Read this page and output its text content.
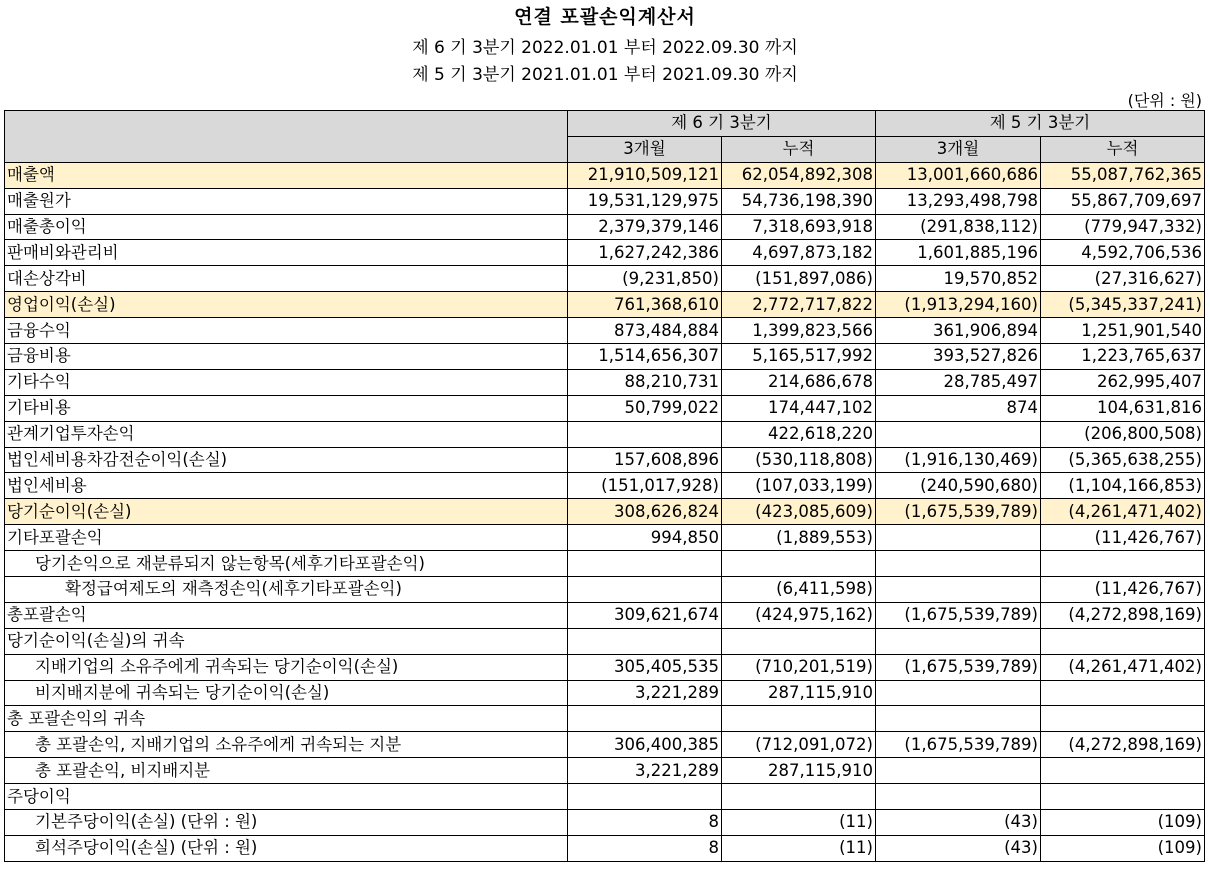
연결 포괄손익계산서
제 6 기 3분기 2022.01.01 부터 2022.09.30 까지
제 5 기 3분기 2021.01.01 부터 2021.09.30 까지
(단위 : 원)
	제 6 기 3분기		제 5 기 3분기	
	3개월	누적	3개월	누적
매출액	21,910,509,121	62,054,892,308	13,001,660,686	55,087,762,365
매출원가	19,531,129,975	54,736,198,390	13,293,498,798	55,867,709,697
매출총이익	2,379,379,146	7,318,693,918	(291,838,112)	(779,947,332)
판매비와관리비	1,627,242,386	4,697,873,182	1,601,885,196	4,592,706,536
대손상각비	(9,231,850)	(151,897,086)	19,570,852	(27,316,627)
영업이익(손실)	761,368,610	2,772,717,822	(1,913,294,160)	(5,345,337,241)
금융수익	873,484,884	1,399,823,566	361,906,894	1,251,901,540
금융비용	1,514,656,307	5,165,517,992	393,527,826	1,223,765,637
기타수익	88,210,731	214,686,678	28,785,497	262,995,407
기타비용	50,799,022	174,447,102	874	104,631,816
관계기업투자손익		422,618,220		(206,800,508)
법인세비용차감전순이익(손실)	157,608,896	(530,118,808)	(1,916,130,469)	(5,365,638,255)
법인세비용	(151,017,928)	(107,033,199)	(240,590,680)	(1,104,166,853)
당기순이익(손실)	308,626,824	(423,085,609)	(1,675,539,789)	(4,261,471,402)
기타포괄손익	994,850	(1,889,553)		(11,426,767)
당기손익으로 재분류되지 않는항목(세후기타포괄손익)				
확정급여제도의 재측정손익(세후기타포괄손익)		(6,411,598)		(11,426,767)
총포괄손익	309,621,674	(424,975,162)	(1,675,539,789)	(4,272,898,169)
당기순이익(손실)의 귀속				
지배기업의 소유주에게 귀속되는 당기순이익(손실)	305,405,535	(710,201,519)	(1,675,539,789)	(4,261,471,402)
비지배지분에 귀속되는 당기순이익(손실)	3,221,289	287,115,910		
총 포괄손익의 귀속				
총 포괄손익, 지배기업의 소유주에게 귀속되는 지분	306,400,385	(712,091,072)	(1,675,539,789)	(4,272,898,169)
총 포괄손익, 비지배지분	3,221,289	287,115,910		
주당이익				
기본주당이익(손실) (단위 : 원)	8	(11)	(43)	(109)
희석주당이익(손실) (단위 : 원)	8	(11)	(43)	(109)
